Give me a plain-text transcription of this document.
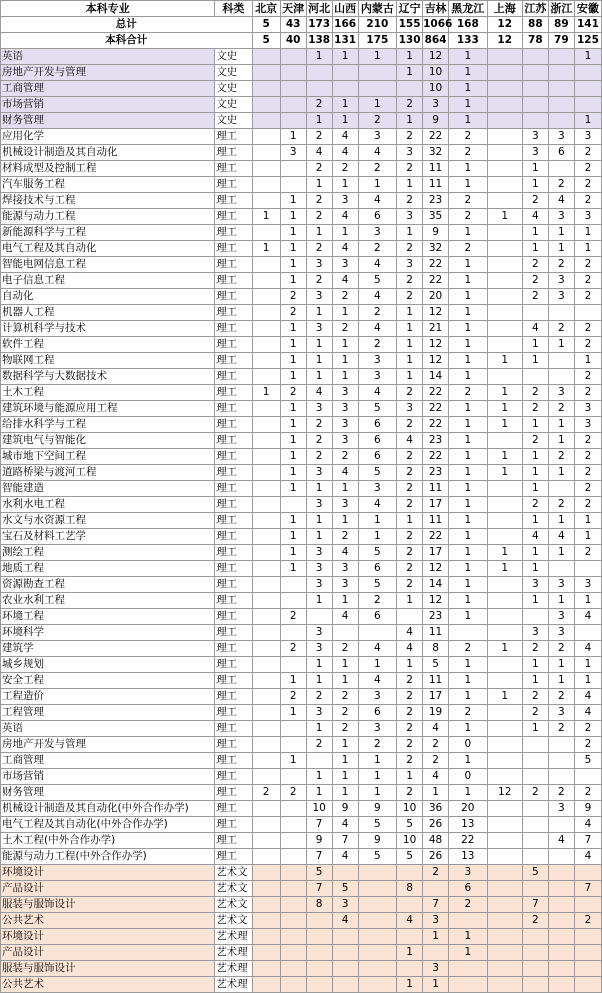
本科专业	科类	北京	天津	河北	山西	内蒙古	辽宁	吉林	黑龙江	上海	江苏	浙江	安徽
总计		5	43	173	166	210	155	1066	168	12	88	89	141
本科合计		5	40	138	131	175	130	864	133	12	78	79	125
英语	文史			1	1	1	1	12	1				1
房地产开发与管理	文史						1	10	1				
工商管理	文史							10	1				
市场营销	文史			2	1	1	2	3	1				
财务管理	文史			1	1	2	1	9	1				1
应用化学	理工		1	2	4	3	2	22	2		3	3	3
机械设计制造及其自动化	理工		3	4	4	4	3	32	2		3	6	2
材料成型及控制工程	理工			2	2	2	2	11	1		1		2
汽车服务工程	理工			1	1	1	1	11	1		1	2	2
焊接技术与工程	理工		1	2	3	4	2	23	2		2	4	2
能源与动力工程	理工	1	1	2	4	6	3	35	2	1	4	3	3
新能源科学与工程	理工		1	1	1	3	1	9	1		1	1	1
电气工程及其自动化	理工	1	1	2	4	2	2	32	2		1	1	1
智能电网信息工程	理工		1	3	3	4	3	22	1		2	2	2
电子信息工程	理工		1	2	4	5	2	22	1		2	3	2
自动化	理工		2	3	2	4	2	20	1		2	3	2
机器人工程	理工		2	1	1	2	1	12	1				
计算机科学与技术	理工		1	3	2	4	1	21	1		4	2	2
软件工程	理工		1	1	1	2	1	12	1		1	1	2
物联网工程	理工		1	1	1	3	1	12	1	1	1		1
数据科学与大数据技术	理工		1	1	1	3	1	14	1				2
土木工程	理工	1	2	4	3	4	2	22	2	1	2	3	2
建筑环境与能源应用工程	理工		1	3	3	5	3	22	1	1	2	2	3
给排水科学与工程	理工		1	2	3	6	2	22	1	1	1	1	3
建筑电气与智能化	理工		1	2	3	6	4	23	1		2	1	2
城市地下空间工程	理工		1	2	2	6	2	22	1	1	1	2	2
道路桥梁与渡河工程	理工		1	3	4	5	2	23	1	1	1	1	2
智能建造	理工		1	1	1	3	2	11	1		1		2
水利水电工程	理工			3	3	4	2	17	1		2	2	2
水文与水资源工程	理工		1	1	1	1	1	11	1		1	1	1
宝石及材料工艺学	理工		1	1	2	1	2	22	1		4	4	1
测绘工程	理工		1	3	4	5	2	17	1	1	1	1	2
地质工程	理工		1	3	3	6	2	12	1	1	1		
资源勘查工程	理工			3	3	5	2	14	1		3	3	3
农业水利工程	理工			1	1	2	1	12	1		1	1	1
环境工程	理工		2		4	6		23	1			3	4
环境科学	理工			3			4	11			3	3	
建筑学	理工		2	3	2	4	4	8	2	1	2	2	4
城乡规划	理工			1	1	1	1	5	1		1	1	1
安全工程	理工		1	1	1	4	2	11	1		1	1	1
工程造价	理工		2	2	2	3	2	17	1	1	2	2	4
工程管理	理工		1	3	2	6	2	19	2		2	3	4
英语	理工			1	2	3	2	4	1		1	2	2
房地产开发与管理	理工			2	1	2	2	2	0				2
工商管理	理工		1		1	1	2	2	1				5
市场营销	理工			1	1	1	1	4	0				
财务管理	理工	2	2	1	1	1	2	1	1	12	2	2	2
机械设计制造及其自动化(中外合作办学)	理工			10	9	9	10	36	20			3	9
电气工程及其自动化(中外合作办学)	理工			7	4	5	5	26	13				4
土木工程(中外合作办学)	理工			9	7	9	10	48	22			4	7
能源与动力工程(中外合作办学)	理工			7	4	5	5	26	13				4
环境设计	艺术文			5				2	3		5		
产品设计	艺术文			7	5		8		6				7
服装与服饰设计	艺术文			8	3			7	2		7		
公共艺术	艺术文				4		4	3			2		2
环境设计	艺术理							1	1				
产品设计	艺术理						1		1				
服装与服饰设计	艺术理							3					
公共艺术	艺术理						1	1					
